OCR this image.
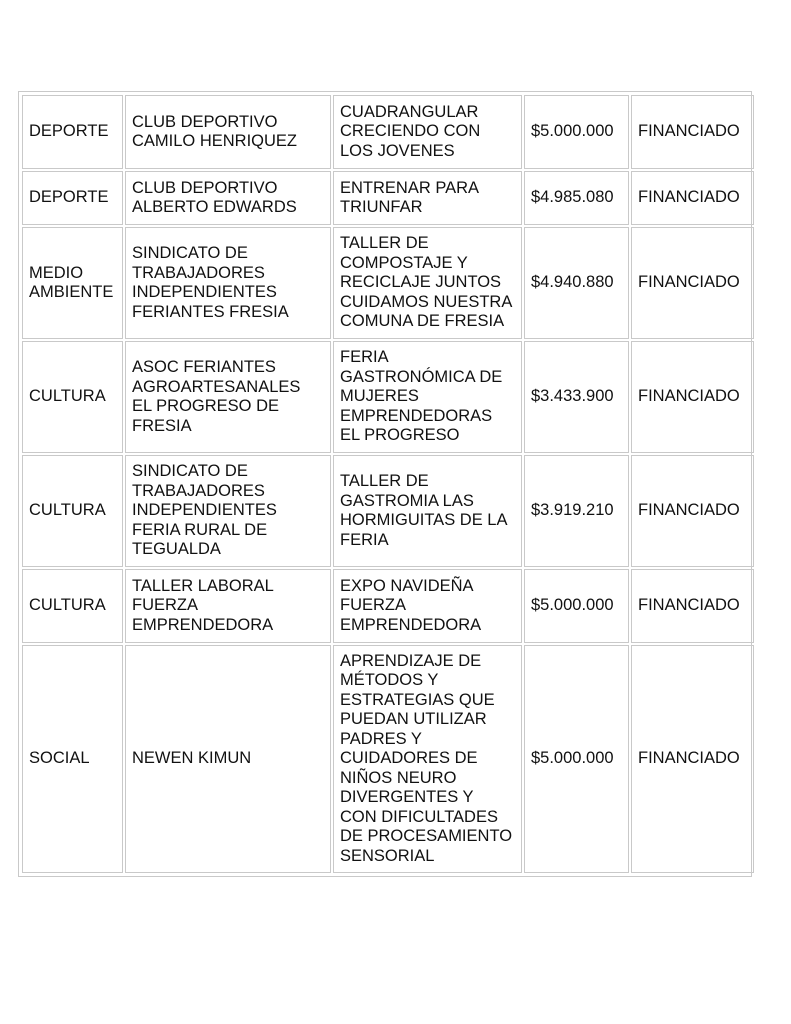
DEPORTE	CLUB DEPORTIVO CAMILO HENRIQUEZ	CUADRANGULAR CRECIENDO CON LOS JOVENES	$5.000.000	FINANCIADO
DEPORTE	CLUB DEPORTIVO ALBERTO EDWARDS	ENTRENAR PARA TRIUNFAR	$4.985.080	FINANCIADO
MEDIO AMBIENTE	SINDICATO DE TRABAJADORES INDEPENDIENTES FERIANTES FRESIA	TALLER DE COMPOSTAJE Y RECICLAJE JUNTOS CUIDAMOS NUESTRA COMUNA DE FRESIA	$4.940.880	FINANCIADO
CULTURA	ASOC FERIANTES AGROARTESANALES EL PROGRESO DE FRESIA	FERIA GASTRONÓMICA DE MUJERES EMPRENDEDORAS EL PROGRESO	$3.433.900	FINANCIADO
CULTURA	SINDICATO DE TRABAJADORES INDEPENDIENTES FERIA RURAL DE TEGUALDA	TALLER DE GASTROMIA LAS HORMIGUITAS DE LA FERIA	$3.919.210	FINANCIADO
CULTURA	TALLER LABORAL FUERZA EMPRENDEDORA	EXPO NAVIDEÑA FUERZA EMPRENDEDORA	$5.000.000	FINANCIADO
SOCIAL	NEWEN KIMUN	APRENDIZAJE DE MÉTODOS Y ESTRATEGIAS QUE PUEDAN UTILIZAR PADRES Y CUIDADORES DE NIÑOS NEURO DIVERGENTES Y CON DIFICULTADES DE PROCESAMIENTO SENSORIAL	$5.000.000	FINANCIADO
